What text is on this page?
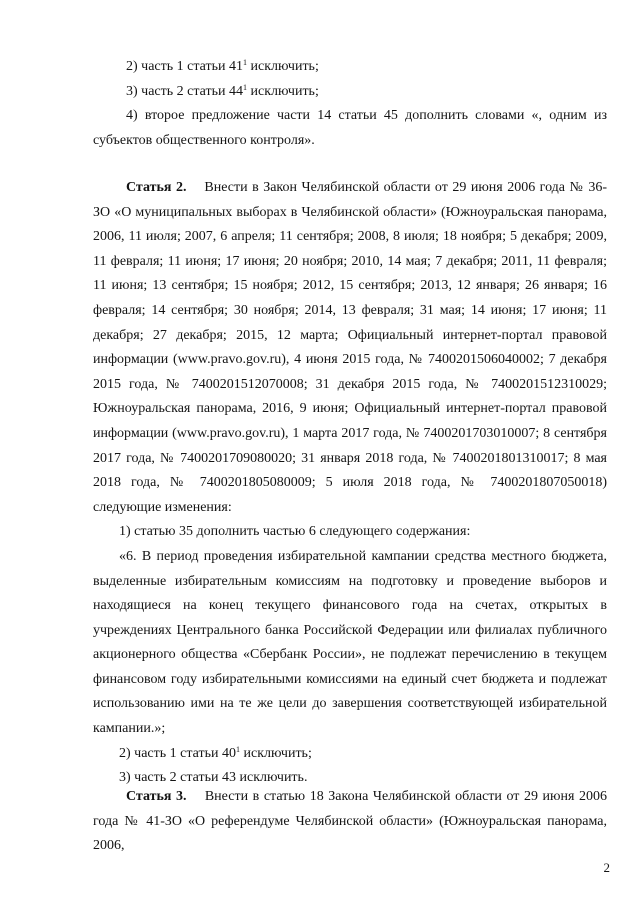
2) часть 1 статьи $41^1$ исключить;

3) часть 2 статьи $44^1$ исключить;

4) второе предложение части 14 статьи 45 дополнить словами «, одним из субъектов общественного контроля».

Статья 2. Внести в Закон Челябинской области от 29 июня 2006 года № 36-ЗО «О муниципальных выборах в Челябинской области» (Южноуральская панорама, 2006, 11 июля; 2007, 6 апреля; 11 сентября; 2008, 8 июля; 18 ноября; 5 декабря; 2009, 11 февраля; 11 июня; 17 июня; 20 ноября; 2010, 14 мая; 7 декабря; 2011, 11 февраля; 11 июня; 13 сентября; 15 ноября; 2012, 15 сентября; 2013, 12 января; 26 января; 16 февраля; 14 сентября; 30 ноября; 2014, 13 февраля; 31 мая; 14 июня; 17 июня; 11 декабря; 27 декабря; 2015, 12 марта; Официальный интернет-портал правовой информации (www.pravo.gov.ru), 4 июня 2015 года, № 7400201506040002; 7 декабря 2015 года, № 7400201512070008; 31 декабря 2015 года, № 7400201512310029; Южноуральская панорама, 2016, 9 июня; Официальный интернет-портал правовой информации (www.pravo.gov.ru), 1 марта 2017 года, № 7400201703010007; 8 сентября 2017 года, № 7400201709080020; 31 января 2018 года, № 7400201801310017; 8 мая 2018 года, № 7400201805080009; 5 июля 2018 года, № 7400201807050018) следующие изменения:

1) статью 35 дополнить частью 6 следующего содержания:

«6. В период проведения избирательной кампании средства местного бюджета, выделенные избирательным комиссиям на подготовку и проведение выборов и находящиеся на конец текущего финансового года на счетах, открытых в учреждениях Центрального банка Российской Федерации или филиалах публичного акционерного общества «Сбербанк России», не подлежат перечислению в текущем финансовом году избирательными комиссиями на единый счет бюджета и подлежат использованию ими на те же цели до завершения соответствующей избирательной кампании.»;

2) часть 1 статьи $40^1$ исключить;

3) часть 2 статьи 43 исключить.

Статья 3. Внести в статью 18 Закона Челябинской области от 29 июня 2006 года № 41-ЗО «О референдуме Челябинской области» (Южноуральская панорама, 2006,

2
